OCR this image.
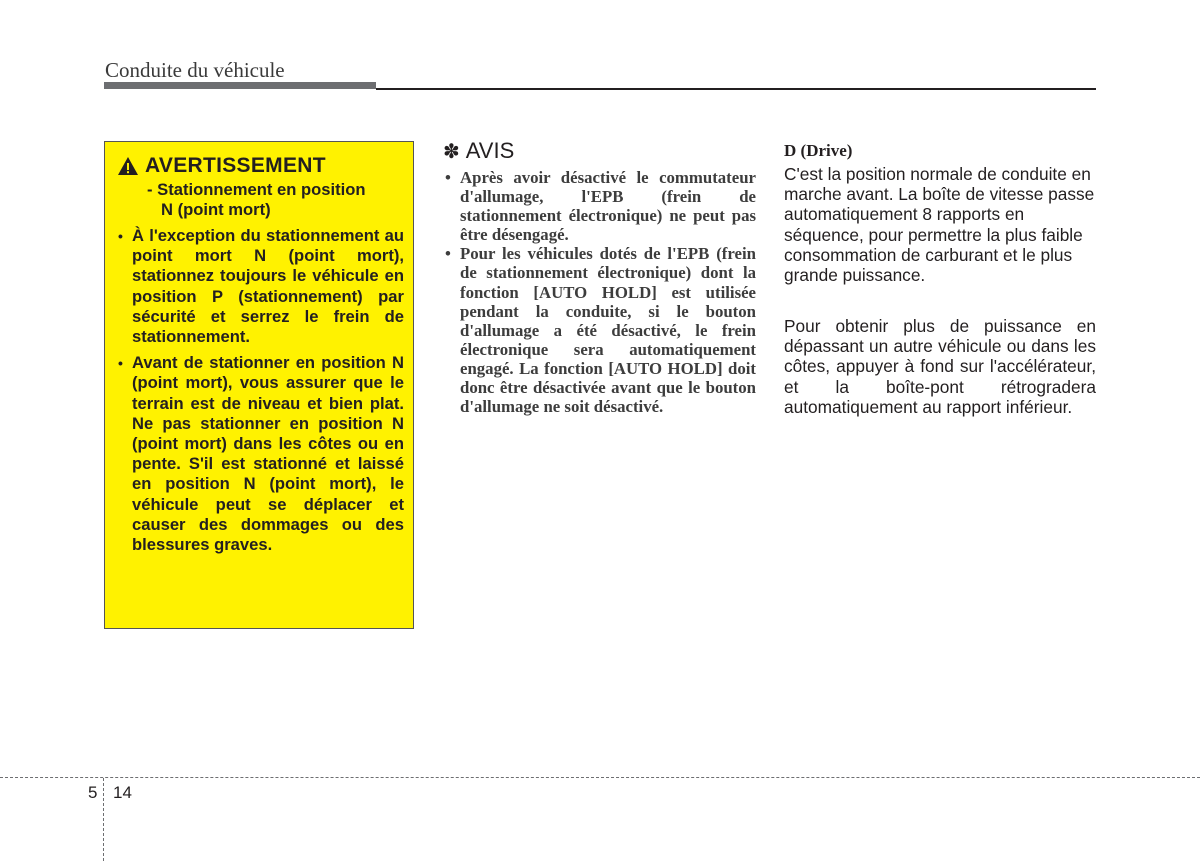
Conduite du véhicule
AVERTISSEMENT
- Stationnement en position
N (point mort)
• À l'exception du stationnement au point mort N (point mort), stationnez toujours le véhicule en position P (stationnement) par sécurité et serrez le frein de stationnement.
• Avant de stationner en position N (point mort), vous assurer que le terrain est de niveau et bien plat. Ne pas stationner en position N (point mort) dans les côtes ou en pente. S'il est stationné et laissé en position N (point mort), le véhicule peut se déplacer et causer des dommages ou des blessures graves.
✽ AVIS
• Après avoir désactivé le commutateur d'allumage, l'EPB (frein de stationnement électronique) ne peut pas être désengagé.
• Pour les véhicules dotés de l'EPB (frein de stationnement électronique) dont la fonction [AUTO HOLD] est utilisée pendant la conduite, si le bouton d'allumage a été désactivé, le frein électronique sera automatiquement engagé. La fonction [AUTO HOLD] doit donc être désactivée avant que le bouton d'allumage ne soit désactivé.
D (Drive)

C'est la position normale de conduite en marche avant. La boîte de vitesse passe automatiquement 8 rapports en séquence, pour permettre la plus faible consommation de carburant et le plus grande puissance.

Pour obtenir plus de puissance en dépassant un autre véhicule ou dans les côtes, appuyer à fond sur l'accélérateur, et la boîte-pont rétrogradera automatiquement au rapport inférieur.

5 14
